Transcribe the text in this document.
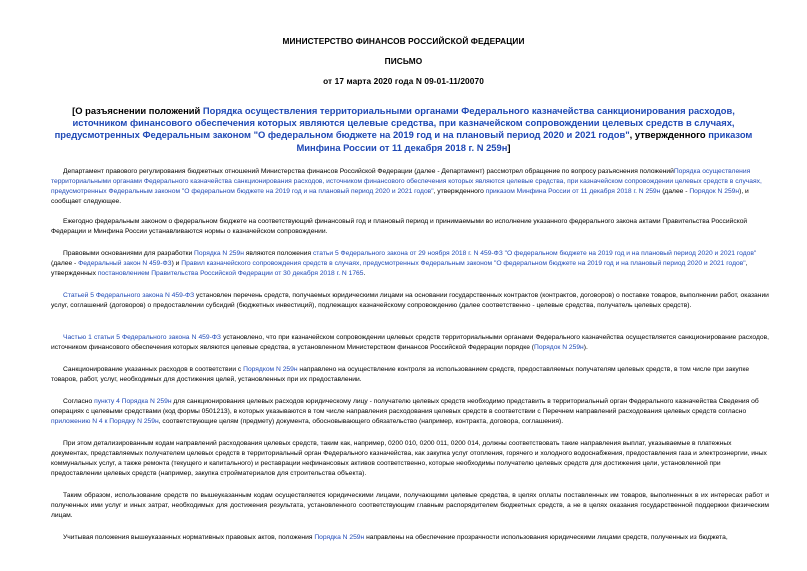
МИНИСТЕРСТВО ФИНАНСОВ РОССИЙСКОЙ ФЕДЕРАЦИИ
ПИСЬМО
от 17 марта 2020 года N 09-01-11/20070
[О разъяснении положений Порядка осуществления территориальными органами Федерального казначейства санкционирования расходов, источником финансового обеспечения которых являются целевые средства, при казначейском сопровождении целевых средств в случаях, предусмотренных Федеральным законом "О федеральном бюджете на 2019 год и на плановый период 2020 и 2021 годов", утвержденного приказом Минфина России от 11 декабря 2018 г. N 259н]

Департамент правового регулирования бюджетных отношений Министерства финансов Российской Федерации (далее - Департамент) рассмотрел обращение по вопросу разъяснения положенийПорядка осуществления территориальными органами Федерального казначейства санкционирования расходов, источником финансового обеспечения которых являются целевые средства, при казначейском сопровождении целевых средств в случаях, предусмотренных Федеральным законом "О федеральном бюджете на 2019 год и на плановый период 2020 и 2021 годов", утвержденного приказом Минфина России от 11 декабря 2018 г. N 259н (далее - Порядок N 259н), и сообщает следующее.

Ежегодно федеральным законом о федеральном бюджете на соответствующий финансовый год и плановый период и принимаемыми во исполнение указанного федерального закона актами Правительства Российской Федерации и Минфина России устанавливаются нормы о казначейском сопровождении.

Правовыми основаниями для разработки Порядка N 259н являются положения статьи 5 Федерального закона от 29 ноября 2018 г. N 459-ФЗ "О федеральном бюджете на 2019 год и на плановый период 2020 и 2021 годов" (далее - Федеральный закон N 459-ФЗ) и Правил казначейского сопровождения средств в случаях, предусмотренных Федеральным законом "О федеральном бюджете на 2019 год и на плановый период 2020 и 2021 годов", утвержденных постановлением Правительства Российской Федерации от 30 декабря 2018 г. N 1765.

Статьей 5 Федерального закона N 459-ФЗ установлен перечень средств, получаемых юридическими лицами на основании государственных контрактов (контрактов, договоров) о поставке товаров, выполнении работ, оказании услуг, соглашений (договоров) о предоставлении субсидий (бюджетных инвестиций), подлежащих казначейскому сопровождению (далее соответственно - целевые средства, получатель целевых средств).

Частью 1 статьи 5 Федерального закона N 459-ФЗ установлено, что при казначейском сопровождении целевых средств территориальными органами Федерального казначейства осуществляется санкционирование расходов, источником финансового обеспечения которых являются целевые средства, в установленном Министерством финансов Российской Федерации порядке (Порядок N 259н).

Санкционирование указанных расходов в соответствии с Порядком N 259н направлено на осуществление контроля за использованием средств, предоставляемых получателям целевых средств, в том числе при закупке товаров, работ, услуг, необходимых для достижения целей, установленных при их предоставлении.

Согласно пункту 4 Порядка N 259н для санкционирования целевых расходов юридическому лицу - получателю целевых средств необходимо представить в территориальный орган Федерального казначейства Сведения об операциях с целевыми средствами (код формы 0501213), в которых указываются в том числе направления расходования целевых средств в соответствии с Перечнем направлений расходования целевых средств согласно приложению N 4 к Порядку N 259н, соответствующие целям (предмету) документа, обосновывающего обязательство (например, контракта, договора, соглашения).

При этом детализированным кодам направлений расходования целевых средств, таким как, например, 0200 010, 0200 011, 0200 014, должны соответствовать такие направления выплат, указываемые в платежных документах, представляемых получателем целевых средств в территориальный орган Федерального казначейства, как закупка услуг отопления, горячего и холодного водоснабжения, предоставления газа и электроэнергии, иных коммунальных услуг, а также ремонта (текущего и капитального) и реставрации нефинансовых активов соответственно, которые необходимы получателю целевых средств для достижения цели, установленной при предоставлении целевых средств (например, закупка стройматериалов для строительства объекта).

Таким образом, использование средств по вышеуказанным кодам осуществляется юридическими лицами, получающими целевые средства, в целях оплаты поставленных им товаров, выполненных в их интересах работ и полученных ими услуг и иных затрат, необходимых для достижения результата, установленного соответствующим главным распорядителем бюджетных средств, а не в целях оказания государственной поддержки физическим лицам.

Учитывая положения вышеуказанных нормативных правовых актов, положения Порядка N 259н направлены на обеспечение прозрачности использования юридическими лицами средств, полученных из бюджета,
